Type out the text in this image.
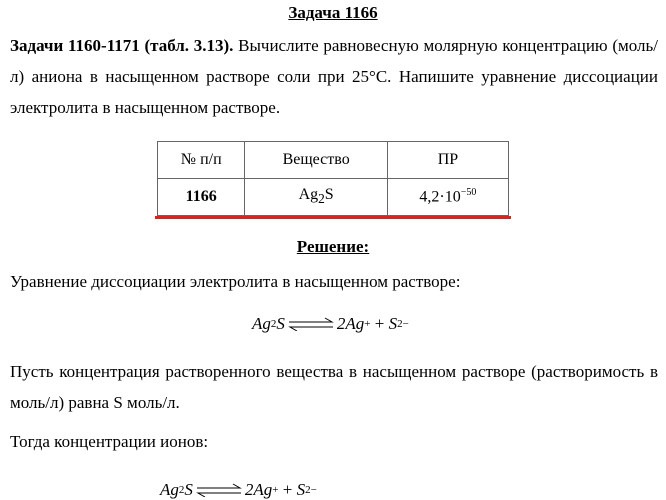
Задача 1166
Задачи 1160-1171 (табл. 3.13). Вычислите равновесную молярную концентрацию (моль/л) аниона в насыщенном растворе соли при 25°С. Напишите уравнение диссоциации электролита в насыщенном растворе.
№ п/п	Вещество	ПР
1166	$Ag_2S$	$4,2\cdot 10^{-50}$
Решение:
Уравнение диссоциации электролита в насыщенном растворе:
Ag 2 S ⇌ 2Ag + + S 2−
Пусть концентрация растворенного вещества в насыщенном растворе (растворимость в моль/л) равна S моль/л.
Тогда концентрации ионов:
Ag 2 S ⇌ 2Ag + + S 2−
